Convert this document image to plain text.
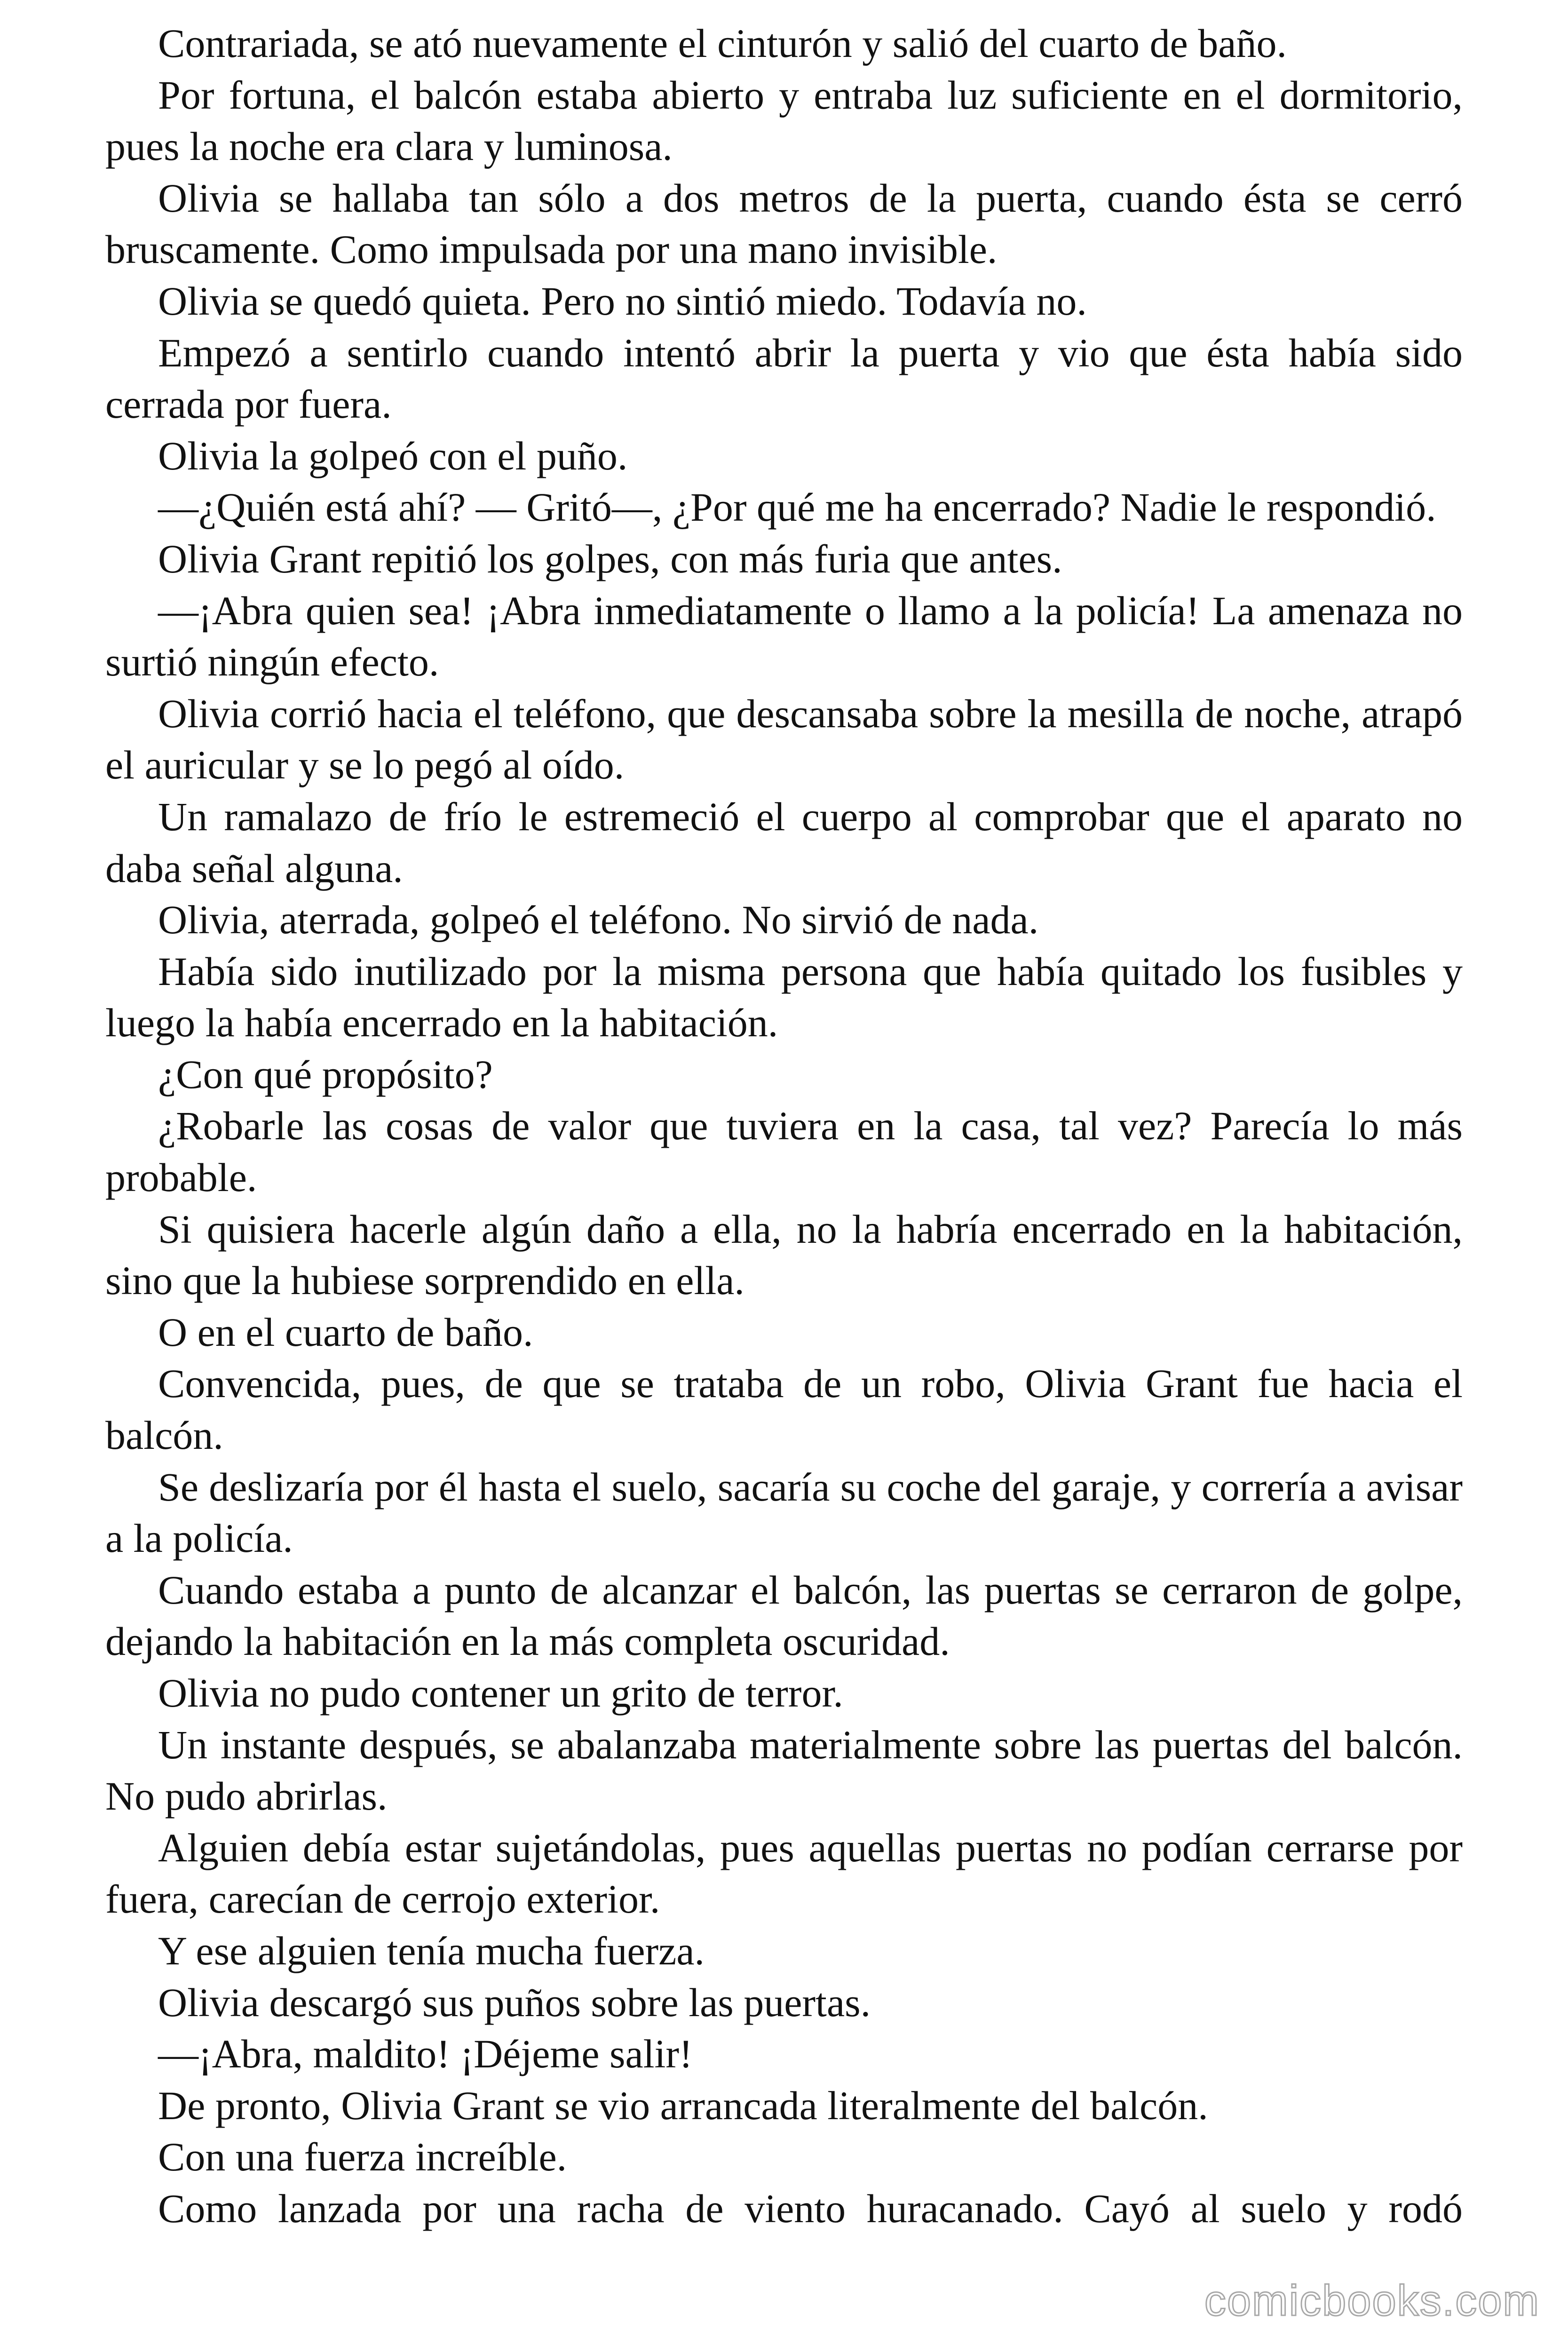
Contrariada, se ató nuevamente el cinturón y salió del cuarto de baño.

Por fortuna, el balcón estaba abierto y entraba luz suficiente en el dormitorio, pues la noche era clara y luminosa.

Olivia se hallaba tan sólo a dos metros de la puerta, cuando ésta se cerró bruscamente. Como impulsada por una mano invisible.

Olivia se quedó quieta. Pero no sintió miedo. Todavía no.

Empezó a sentirlo cuando intentó abrir la puerta y vio que ésta había sido cerrada por fuera.

Olivia la golpeó con el puño.

—¿Quién está ahí? — Gritó—, ¿Por qué me ha encerrado? Nadie le respondió.

Olivia Grant repitió los golpes, con más furia que antes.

—¡Abra quien sea! ¡Abra inmediatamente o llamo a la policía! La amenaza no surtió ningún efecto.

Olivia corrió hacia el teléfono, que descansaba sobre la mesilla de noche, atrapó el auricular y se lo pegó al oído.

Un ramalazo de frío le estremeció el cuerpo al comprobar que el aparato no daba señal alguna.

Olivia, aterrada, golpeó el teléfono. No sirvió de nada.

Había sido inutilizado por la misma persona que había quitado los fusibles y luego la había encerrado en la habitación.

¿Con qué propósito?

¿Robarle las cosas de valor que tuviera en la casa, tal vez? Parecía lo más probable.

Si quisiera hacerle algún daño a ella, no la habría encerrado en la habitación, sino que la hubiese sorprendido en ella.

O en el cuarto de baño.

Convencida, pues, de que se trataba de un robo, Olivia Grant fue hacia el balcón.

Se deslizaría por él hasta el suelo, sacaría su coche del garaje, y correría a avisar a la policía.

Cuando estaba a punto de alcanzar el balcón, las puertas se cerraron de golpe, dejando la habitación en la más completa oscuridad.

Olivia no pudo contener un grito de terror.

Un instante después, se abalanzaba materialmente sobre las puertas del balcón. No pudo abrirlas.

Alguien debía estar sujetándolas, pues aquellas puertas no podían cerrarse por fuera, carecían de cerrojo exterior.

Y ese alguien tenía mucha fuerza.

Olivia descargó sus puños sobre las puertas.

—¡Abra, maldito! ¡Déjeme salir!

De pronto, Olivia Grant se vio arrancada literalmente del balcón.

Con una fuerza increíble.

Como lanzada por una racha de viento huracanado. Cayó al suelo y rodó

comicbooks.com
